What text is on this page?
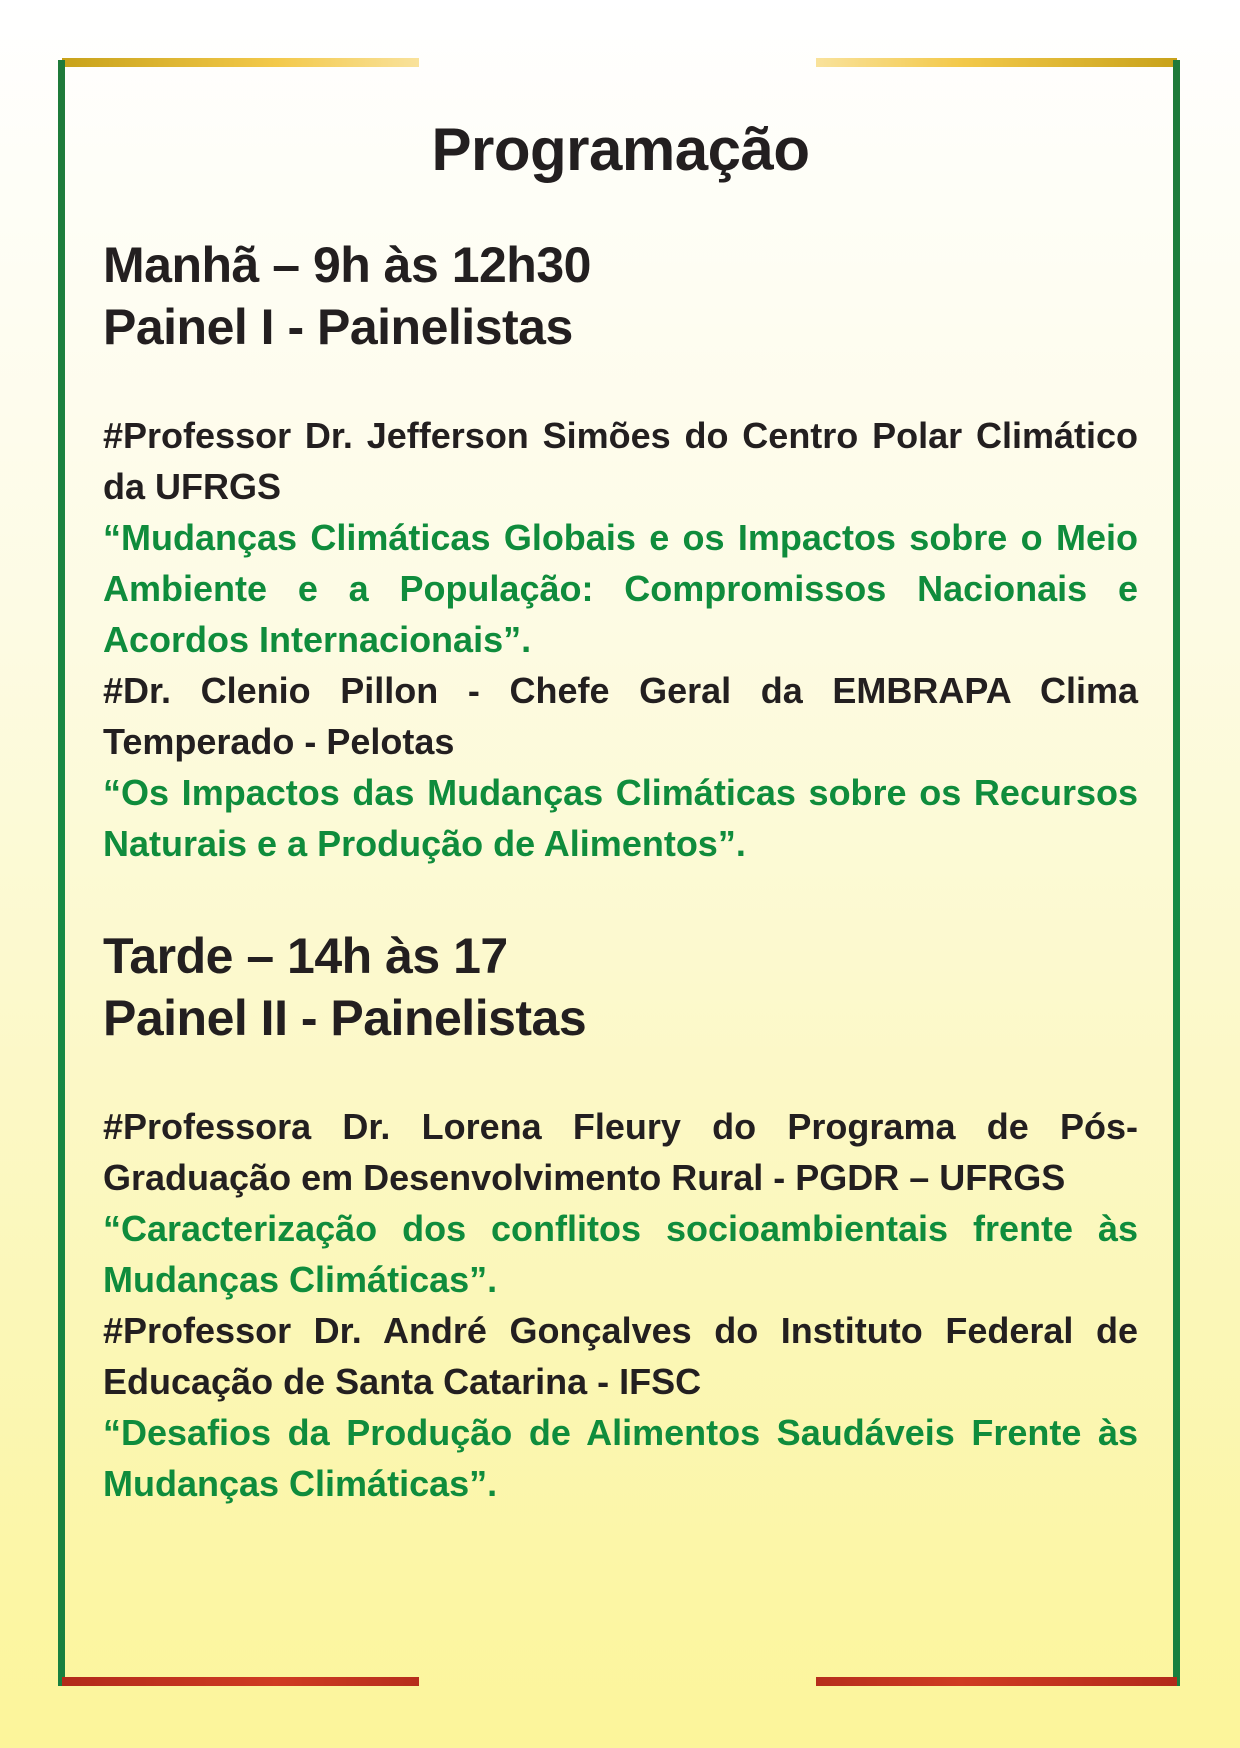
Programação
Manhã – 9h às 12h30
Painel I - Painelistas
#Professor Dr. Jefferson Simões do Centro Polar Climático da UFRGS
“Mudanças Climáticas Globais e os Impactos sobre o Meio Ambiente e a População: Compromissos Nacionais e Acordos Internacionais”.
#Dr. Clenio Pillon - Chefe Geral da EMBRAPA Clima Temperado - Pelotas
“Os Impactos das Mudanças Climáticas sobre os Recursos Naturais e a Produção de Alimentos”.
Tarde – 14h às 17
Painel II - Painelistas
#Professora Dr. Lorena Fleury do Programa de Pós-Graduação em Desenvolvimento Rural - PGDR – UFRGS
“Caracterização dos conflitos socioambientais frente às Mudanças Climáticas”.
#Professor Dr. André Gonçalves do Instituto Federal de Educação de Santa Catarina - IFSC
“Desafios da Produção de Alimentos Saudáveis Frente às Mudanças Climáticas”.
